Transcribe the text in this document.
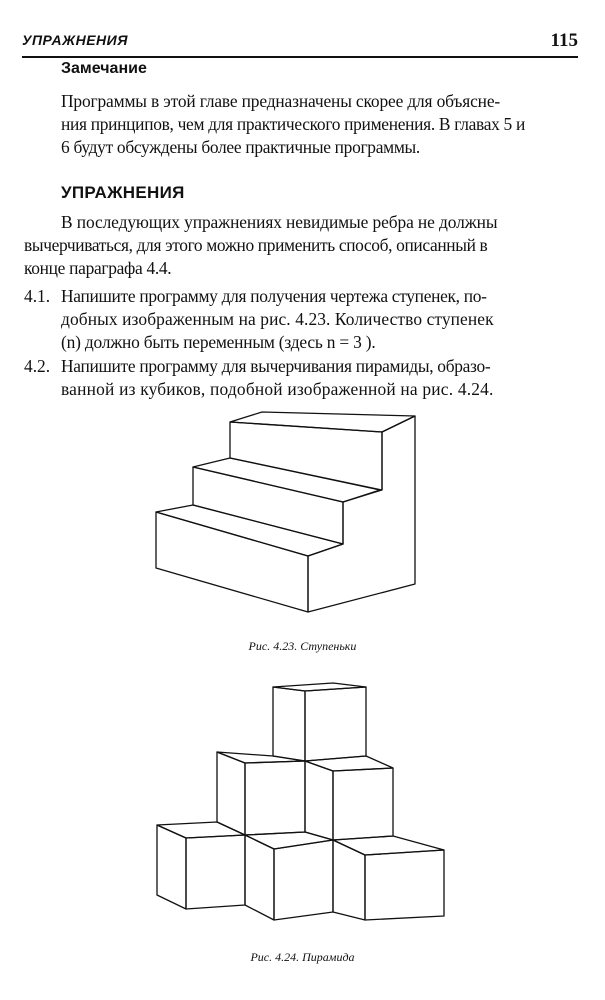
УПРАЖНЕНИЯ	115
Замечание
Программы в этой главе предназначены скорее для объясне-
ния принципов, чем для практического применения. В главах 5 и
6 будут обсуждены более практичные программы.
УПРАЖНЕНИЯ
В последующих упражнениях невидимые ребра не должны
вычерчиваться, для этого можно применить способ, описанный в
конце параграфа 4.4.
4.1. Напишите программу для получения чертежа ступенек, по-
добных изображенным на рис. 4.23. Количество ступенек
(n) должно быть переменным (здесь n = 3 ).
4.2. Напишите программу для вычерчивания пирамиды, образо-
ванной из кубиков, подобной изображенной на рис. 4.24.
Рис. 4.23. Ступеньки
Рис. 4.24. Пирамида
